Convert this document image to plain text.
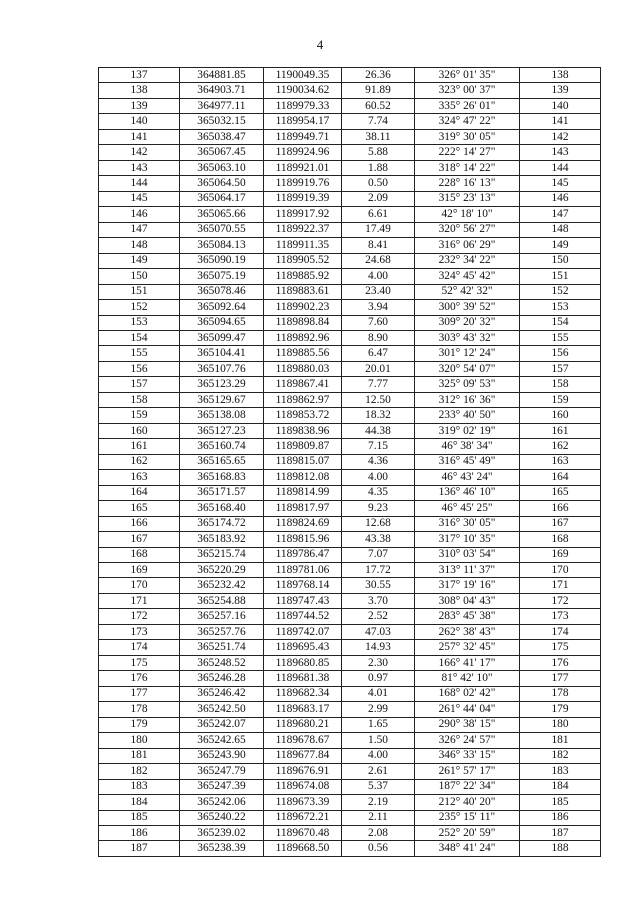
4
137	364881.85	1190049.35	26.36	326° 01' 35"	138
138	364903.71	1190034.62	91.89	323° 00' 37"	139
139	364977.11	1189979.33	60.52	335° 26' 01"	140
140	365032.15	1189954.17	7.74	324° 47' 22"	141
141	365038.47	1189949.71	38.11	319° 30' 05"	142
142	365067.45	1189924.96	5.88	222° 14' 27"	143
143	365063.10	1189921.01	1.88	318° 14' 22"	144
144	365064.50	1189919.76	0.50	228° 16' 13"	145
145	365064.17	1189919.39	2.09	315° 23' 13"	146
146	365065.66	1189917.92	6.61	42° 18' 10"	147
147	365070.55	1189922.37	17.49	320° 56' 27"	148
148	365084.13	1189911.35	8.41	316° 06' 29"	149
149	365090.19	1189905.52	24.68	232° 34' 22"	150
150	365075.19	1189885.92	4.00	324° 45' 42"	151
151	365078.46	1189883.61	23.40	52° 42' 32"	152
152	365092.64	1189902.23	3.94	300° 39' 52"	153
153	365094.65	1189898.84	7.60	309° 20' 32"	154
154	365099.47	1189892.96	8.90	303° 43' 32"	155
155	365104.41	1189885.56	6.47	301° 12' 24"	156
156	365107.76	1189880.03	20.01	320° 54' 07"	157
157	365123.29	1189867.41	7.77	325° 09' 53"	158
158	365129.67	1189862.97	12.50	312° 16' 36"	159
159	365138.08	1189853.72	18.32	233° 40' 50"	160
160	365127.23	1189838.96	44.38	319° 02' 19"	161
161	365160.74	1189809.87	7.15	46° 38' 34"	162
162	365165.65	1189815.07	4.36	316° 45' 49"	163
163	365168.83	1189812.08	4.00	46° 43' 24"	164
164	365171.57	1189814.99	4.35	136° 46' 10"	165
165	365168.40	1189817.97	9.23	46° 45' 25"	166
166	365174.72	1189824.69	12.68	316° 30' 05"	167
167	365183.92	1189815.96	43.38	317° 10' 35"	168
168	365215.74	1189786.47	7.07	310° 03' 54"	169
169	365220.29	1189781.06	17.72	313° 11' 37"	170
170	365232.42	1189768.14	30.55	317° 19' 16"	171
171	365254.88	1189747.43	3.70	308° 04' 43"	172
172	365257.16	1189744.52	2.52	283° 45' 38"	173
173	365257.76	1189742.07	47.03	262° 38' 43"	174
174	365251.74	1189695.43	14.93	257° 32' 45"	175
175	365248.52	1189680.85	2.30	166° 41' 17"	176
176	365246.28	1189681.38	0.97	81° 42' 10"	177
177	365246.42	1189682.34	4.01	168° 02' 42"	178
178	365242.50	1189683.17	2.99	261° 44' 04"	179
179	365242.07	1189680.21	1.65	290° 38' 15"	180
180	365242.65	1189678.67	1.50	326° 24' 57"	181
181	365243.90	1189677.84	4.00	346° 33' 15"	182
182	365247.79	1189676.91	2.61	261° 57' 17"	183
183	365247.39	1189674.08	5.37	187° 22' 34"	184
184	365242.06	1189673.39	2.19	212° 40' 20"	185
185	365240.22	1189672.21	2.11	235° 15' 11"	186
186	365239.02	1189670.48	2.08	252° 20' 59"	187
187	365238.39	1189668.50	0.56	348° 41' 24"	188
